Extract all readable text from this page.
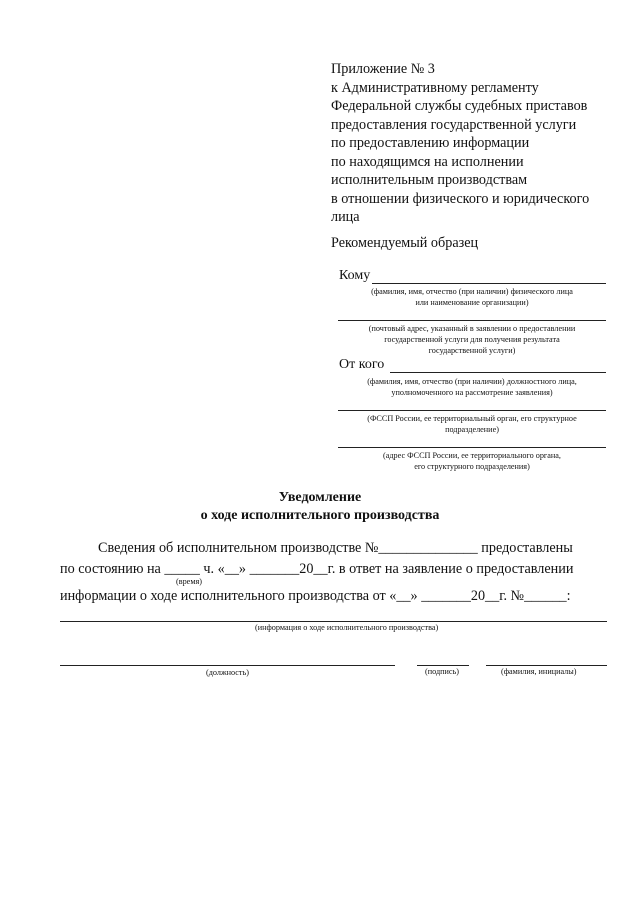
Приложение № 3
к Административному регламенту
Федеральной службы судебных приставов
предоставления государственной услуги
по предоставлению информации
по находящимся на исполнении
исполнительным производствам
в отношении физического и юридического
лица
Рекомендуемый образец
Кому
(фамилия, имя, отчество (при наличии) физического лица
или наименование организации)
(почтовый адрес, указанный в заявлении о предоставлении
государственной услуги для получения результата
государственной услуги)
От кого
(фамилия, имя, отчество (при наличии) должностного лица,
уполномоченного на рассмотрение заявления)
(ФССП России, ее территориальный орган, его структурное
подразделение)
(адрес ФССП России, ее территориального органа,
его структурного подразделения)
Уведомление
о ходе исполнительного производства
Сведения об исполнительном производстве №______________ предоставлены
по состоянию на _____ ч. «__» _______20__г. в ответ на заявление о предоставлении
(время)
информации о ходе исполнительного производства от «__» _______20__г. №______:
(информация о ходе исполнительного производства)
(должность)	(подпись)	(фамилия, инициалы)
